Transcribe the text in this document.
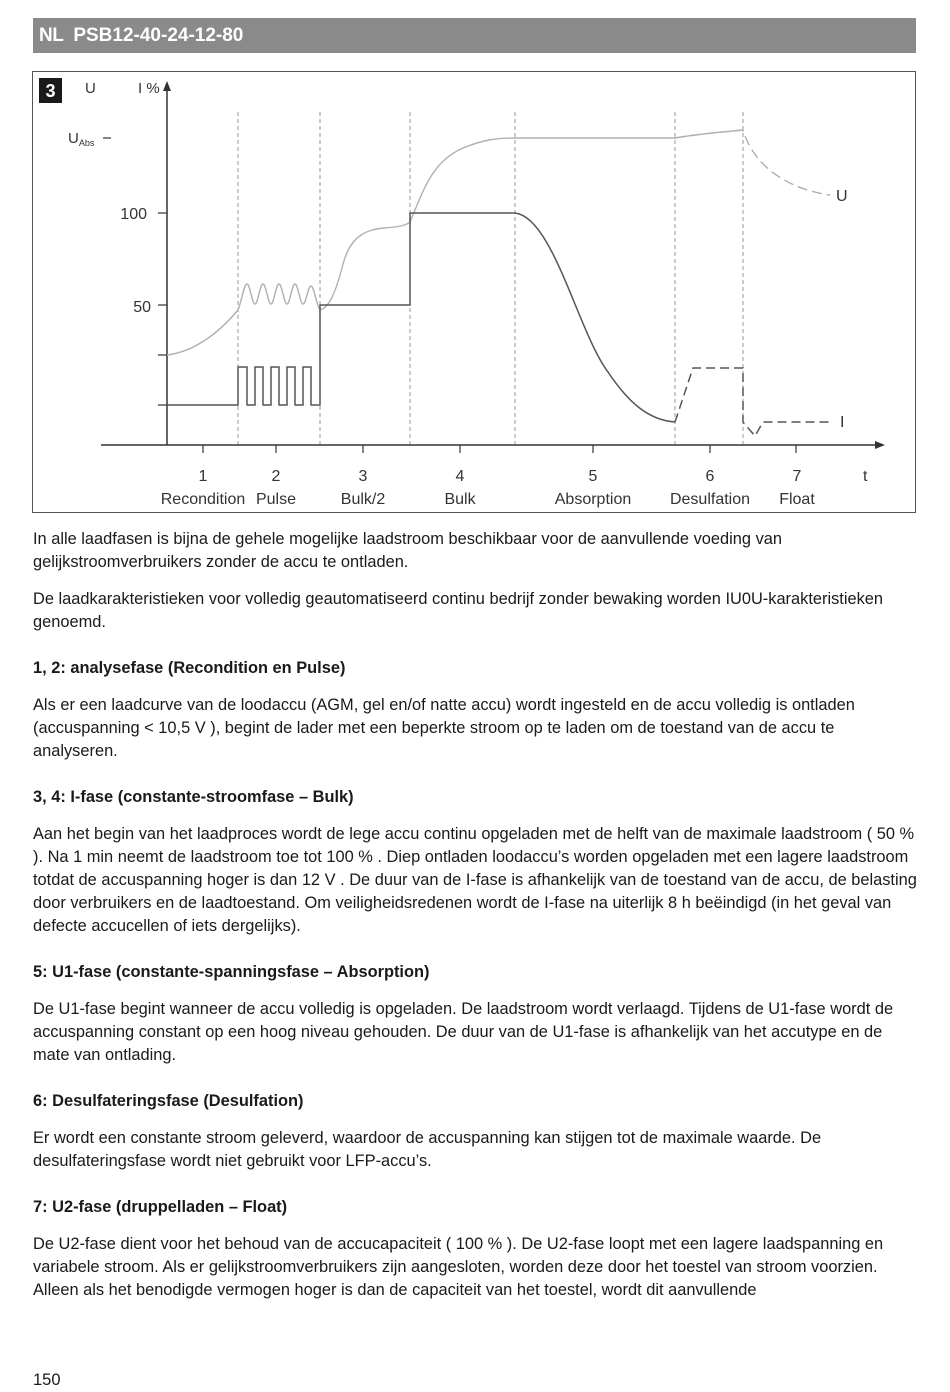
NL PSB12-40-24-12-80
3 U	I %
$U_{Abs}$
100
50
t
U
I
1
Recondition
2
Pulse
3
Bulk/2
4
Bulk
5
Absorption
6
Desulfation
7
Float

In alle laadfasen is bijna de gehele mogelijke laadstroom beschikbaar voor de aanvullende voeding van gelijkstroomverbruikers zonder de accu te ontladen.

De laadkarakteristieken voor volledig geautomatiseerd continu bedrijf zonder bewaking worden IU0U-karakteristieken genoemd.

1, 2: analysefase (Recondition en Pulse)

Als er een laadcurve van de loodaccu (AGM, gel en/of natte accu) wordt ingesteld en de accu volledig is ontladen (accuspanning < 10,5 V ), begint de lader met een beperkte stroom op te laden om de toestand van de accu te analyseren.

3, 4: I-fase (constante-stroomfase – Bulk)

Aan het begin van het laadproces wordt de lege accu continu opgeladen met de helft van de maximale laadstroom ( 50 % ). Na 1 min neemt de laadstroom toe tot 100 % . Diep ontladen loodaccu’s worden opgeladen met een lagere laadstroom totdat de accuspanning hoger is dan 12 V . De duur van de I-fase is afhankelijk van de toestand van de accu, de belasting door verbruikers en de laadtoestand. Om veiligheidsredenen wordt de I-fase na uiterlijk 8 h beëindigd (in het geval van defecte accucellen of iets dergelijks).

5: U1-fase (constante-spanningsfase – Absorption)

De U1-fase begint wanneer de accu volledig is opgeladen. De laadstroom wordt verlaagd. Tijdens de U1-fase wordt de accuspanning constant op een hoog niveau gehouden. De duur van de U1-fase is afhankelijk van het accutype en de mate van ontlading.

6: Desulfateringsfase (Desulfation)

Er wordt een constante stroom geleverd, waardoor de accuspanning kan stijgen tot de maximale waarde. De desulfateringsfase wordt niet gebruikt voor LFP-accu’s.

7: U2-fase (druppelladen – Float)

De U2-fase dient voor het behoud van de accucapaciteit ( 100 % ). De U2-fase loopt met een lagere laadspanning en variabele stroom. Als er gelijkstroomverbruikers zijn aangesloten, worden deze door het toestel van stroom voorzien. Alleen als het benodigde vermogen hoger is dan de capaciteit van het toestel, wordt dit aanvullende

150
